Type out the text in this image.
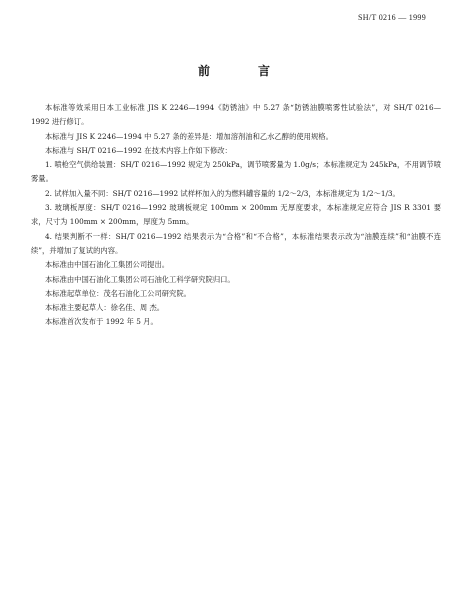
SH/T 0216 — 1999
前　言

本标准等效采用日本工业标准 JIS K 2246—1994《防锈油》中 5.27 条“防锈油膜喷雾性试验法”，对 SH/T 0216—1992 进行修订。

本标准与 JIS K 2246—1994 中 5.27 条的差异是：增加溶剂油和乙水乙醇的使用规格。

本标准与 SH/T 0216—1992 在技术内容上作如下修改：

1. 喷枪空气供给装置：SH/T 0216—1992 规定为 250kPa，调节喷雾量为 1.0g/s；本标准规定为 245kPa，不用调节喷雾量。

2. 试样加入量不同：SH/T 0216—1992 试样杯加入的为燃料罐容量的 1/2～2/3，本标准规定为 1/2～1/3。

3. 玻璃板厚度：SH/T 0216—1992 玻璃板规定 100mm × 200mm 无厚度要求，本标准规定应符合 JIS R 3301 要求，尺寸为 100mm × 200mm，厚度为 5mm。

4. 结果判断不一样：SH/T 0216—1992 结果表示为“合格”和“不合格”，本标准结果表示改为“油膜连续”和“油膜不连续”，并增加了复试的内容。

本标准由中国石油化工集团公司提出。

本标准由中国石油化工集团公司石油化工科学研究院归口。

本标准起草单位：茂名石油化工公司研究院。

本标准主要起草人：徐名佳、周 杰。

本标准首次发布于 1992 年 5 月。
